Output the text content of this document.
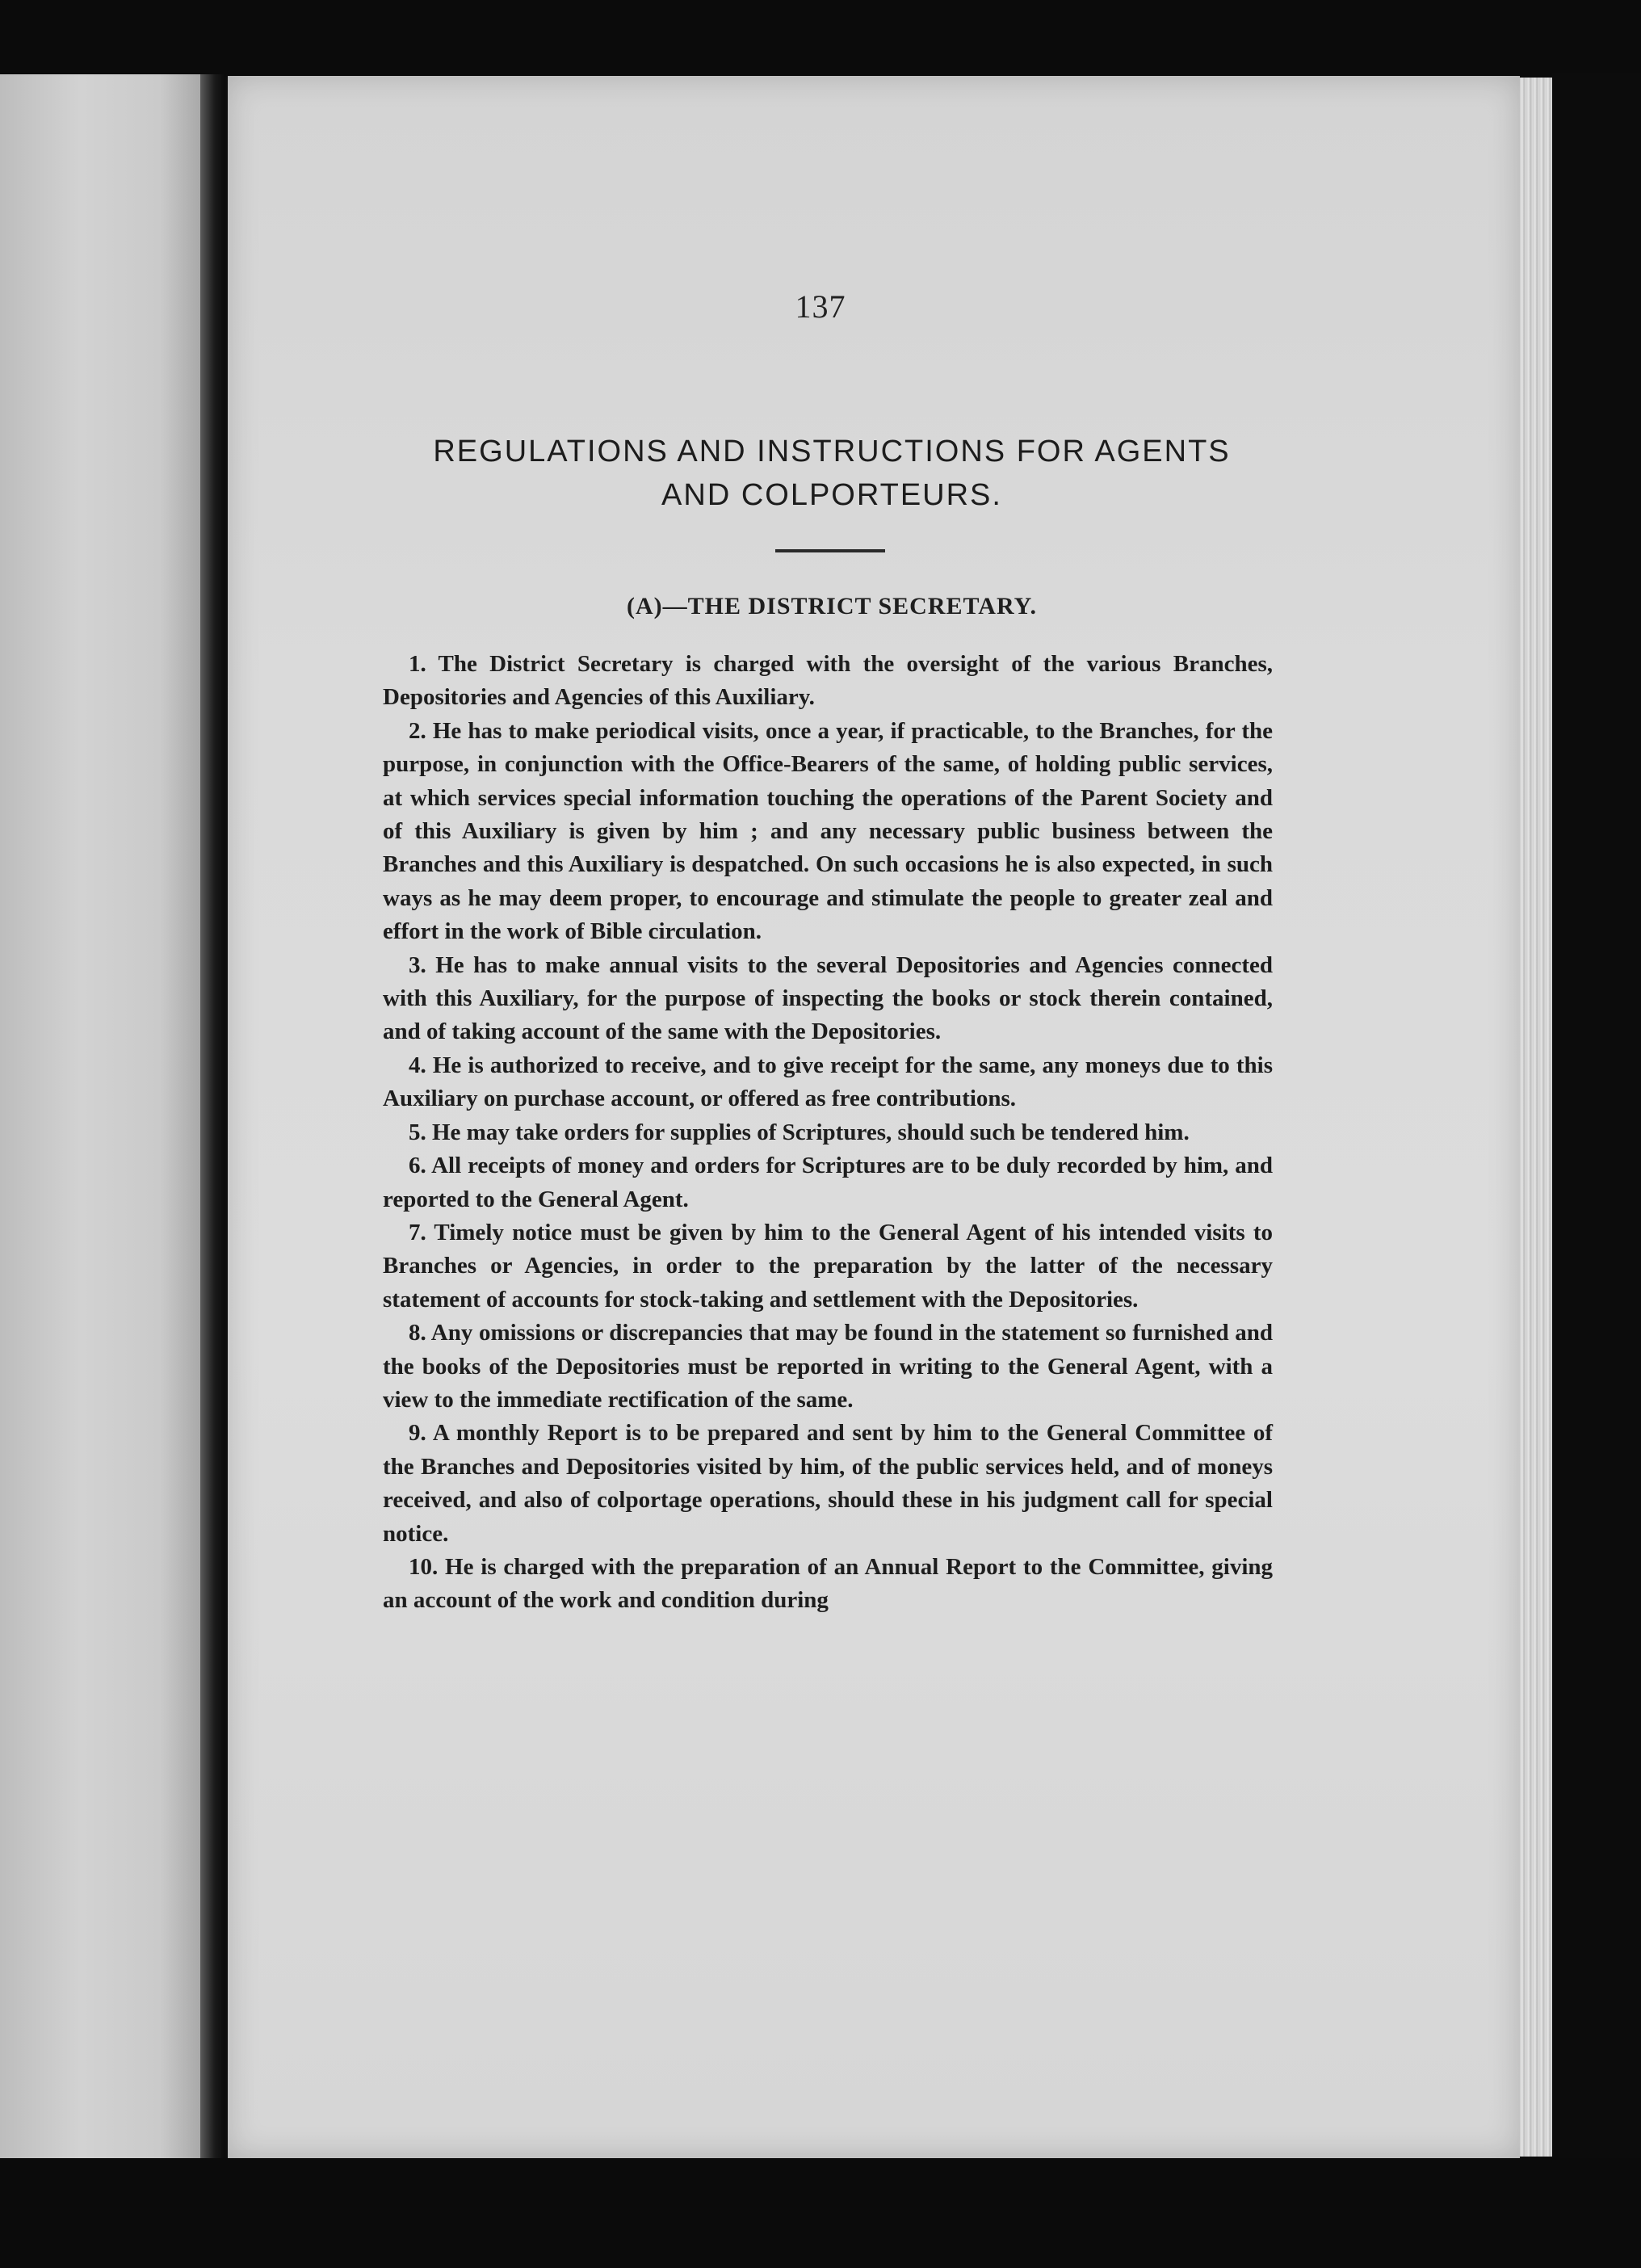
137
REGULATIONS AND INSTRUCTIONS FOR AGENTS
AND COLPORTEURS.
(A)—THE DISTRICT SECRETARY.

1. The District Secretary is charged with the oversight of the various Branches, Depositories and Agencies of this Auxiliary.

2. He has to make periodical visits, once a year, if practicable, to the Branches, for the purpose, in conjunction with the Office-Bearers of the same, of holding public services, at which services special information touching the operations of the Parent Society and of this Auxiliary is given by him ; and any necessary public business between the Branches and this Auxiliary is despatched. On such occasions he is also expected, in such ways as he may deem proper, to encourage and stimulate the people to greater zeal and effort in the work of Bible circulation.

3. He has to make annual visits to the several Depositories and Agencies connected with this Auxiliary, for the purpose of inspecting the books or stock therein contained, and of taking account of the same with the Depositories.

4. He is authorized to receive, and to give receipt for the same, any moneys due to this Auxiliary on purchase account, or offered as free contributions.

5. He may take orders for supplies of Scriptures, should such be tendered him.

6. All receipts of money and orders for Scriptures are to be duly recorded by him, and reported to the General Agent.

7. Timely notice must be given by him to the General Agent of his intended visits to Branches or Agencies, in order to the preparation by the latter of the necessary statement of accounts for stock-taking and settlement with the Depositories.

8. Any omissions or discrepancies that may be found in the statement so furnished and the books of the Depositories must be reported in writing to the General Agent, with a view to the immediate rectification of the same.

9. A monthly Report is to be prepared and sent by him to the General Committee of the Branches and Depositories visited by him, of the public services held, and of moneys received, and also of colportage operations, should these in his judgment call for special notice.

10. He is charged with the preparation of an Annual Report to the Committee, giving an account of the work and condition during
